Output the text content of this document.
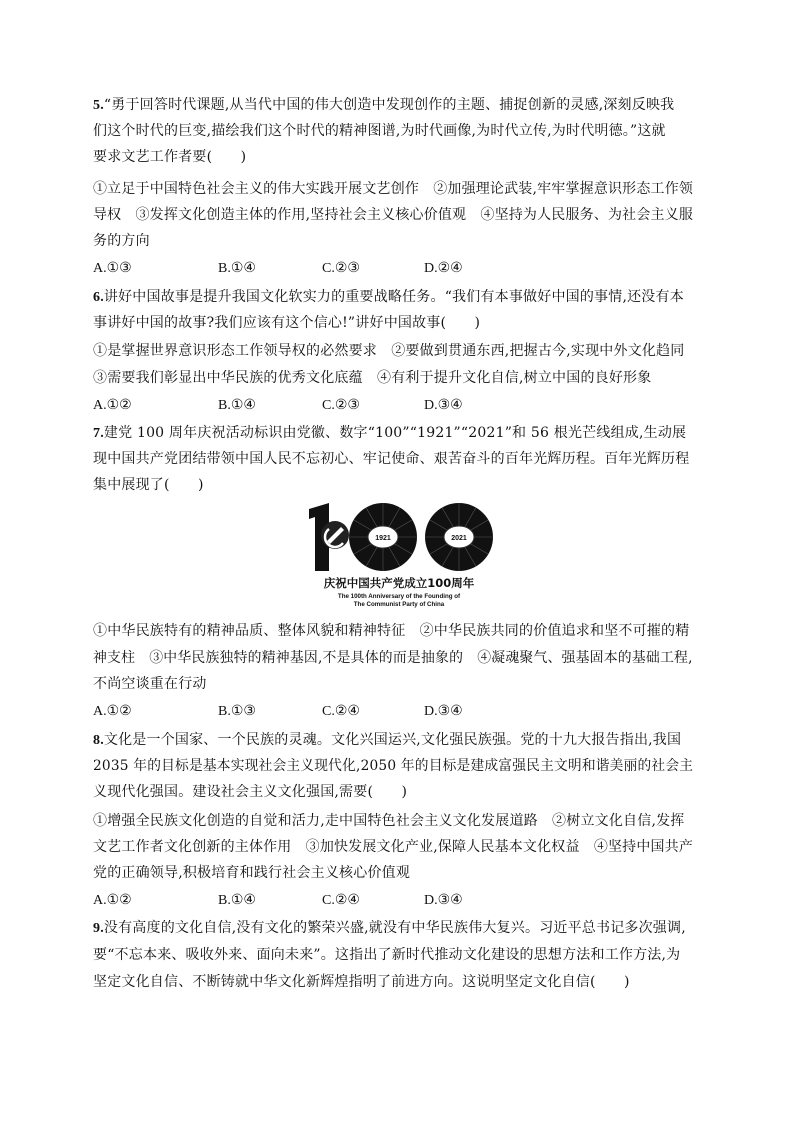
5.“勇于回答时代课题,从当代中国的伟大创造中发现创作的主题、捕捉创新的灵感,深刻反映我
们这个时代的巨变,描绘我们这个时代的精神图谱,为时代画像,为时代立传,为时代明德。”这就
要求文艺工作者要(　　)
①立足于中国特色社会主义的伟大实践开展文艺创作　②加强理论武装,牢牢掌握意识形态工作领
导权　③发挥文化创造主体的作用,坚持社会主义核心价值观　④坚持为人民服务、为社会主义服
务的方向
A.①③	B.①④	C.②③	D.②④
6.讲好中国故事是提升我国文化软实力的重要战略任务。“我们有本事做好中国的事情,还没有本
事讲好中国的故事?我们应该有这个信心!”讲好中国故事(　　)
①是掌握世界意识形态工作领导权的必然要求　②要做到贯通东西,把握古今,实现中外文化趋同
③需要我们彰显出中华民族的优秀文化底蕴　④有利于提升文化自信,树立中国的良好形象
A.①②	B.①④	C.②③	D.③④
7.建党 100 周年庆祝活动标识由党徽、数字“100”“1921”“2021”和 56 根光芒线组成,生动展
现中国共产党团结带领中国人民不忘初心、牢记使命、艰苦奋斗的百年光辉历程。百年光辉历程
集中展现了(　　)
1921	2021
庆祝中国共产党成立100周年
The 100th Anniversary of the Founding of
The Communist Party of China
①中华民族特有的精神品质、整体风貌和精神特征　②中华民族共同的价值追求和坚不可摧的精
神支柱　③中华民族独特的精神基因,不是具体的而是抽象的　④凝魂聚气、强基固本的基础工程,
不尚空谈重在行动
A.①②	B.①③	C.②④	D.③④
8.文化是一个国家、一个民族的灵魂。文化兴国运兴,文化强民族强。党的十九大报告指出,我国
2035 年的目标是基本实现社会主义现代化,2050 年的目标是建成富强民主文明和谐美丽的社会主
义现代化强国。建设社会主义文化强国,需要(　　)
①增强全民族文化创造的自觉和活力,走中国特色社会主义文化发展道路　②树立文化自信,发挥
文艺工作者文化创新的主体作用　③加快发展文化产业,保障人民基本文化权益　④坚持中国共产
党的正确领导,积极培育和践行社会主义核心价值观
A.①②	B.①④	C.②④	D.③④
9.没有高度的文化自信,没有文化的繁荣兴盛,就没有中华民族伟大复兴。习近平总书记多次强调,
要“不忘本来、吸收外来、面向未来”。这指出了新时代推动文化建设的思想方法和工作方法,为
坚定文化自信、不断铸就中华文化新辉煌指明了前进方向。这说明坚定文化自信(　　)
